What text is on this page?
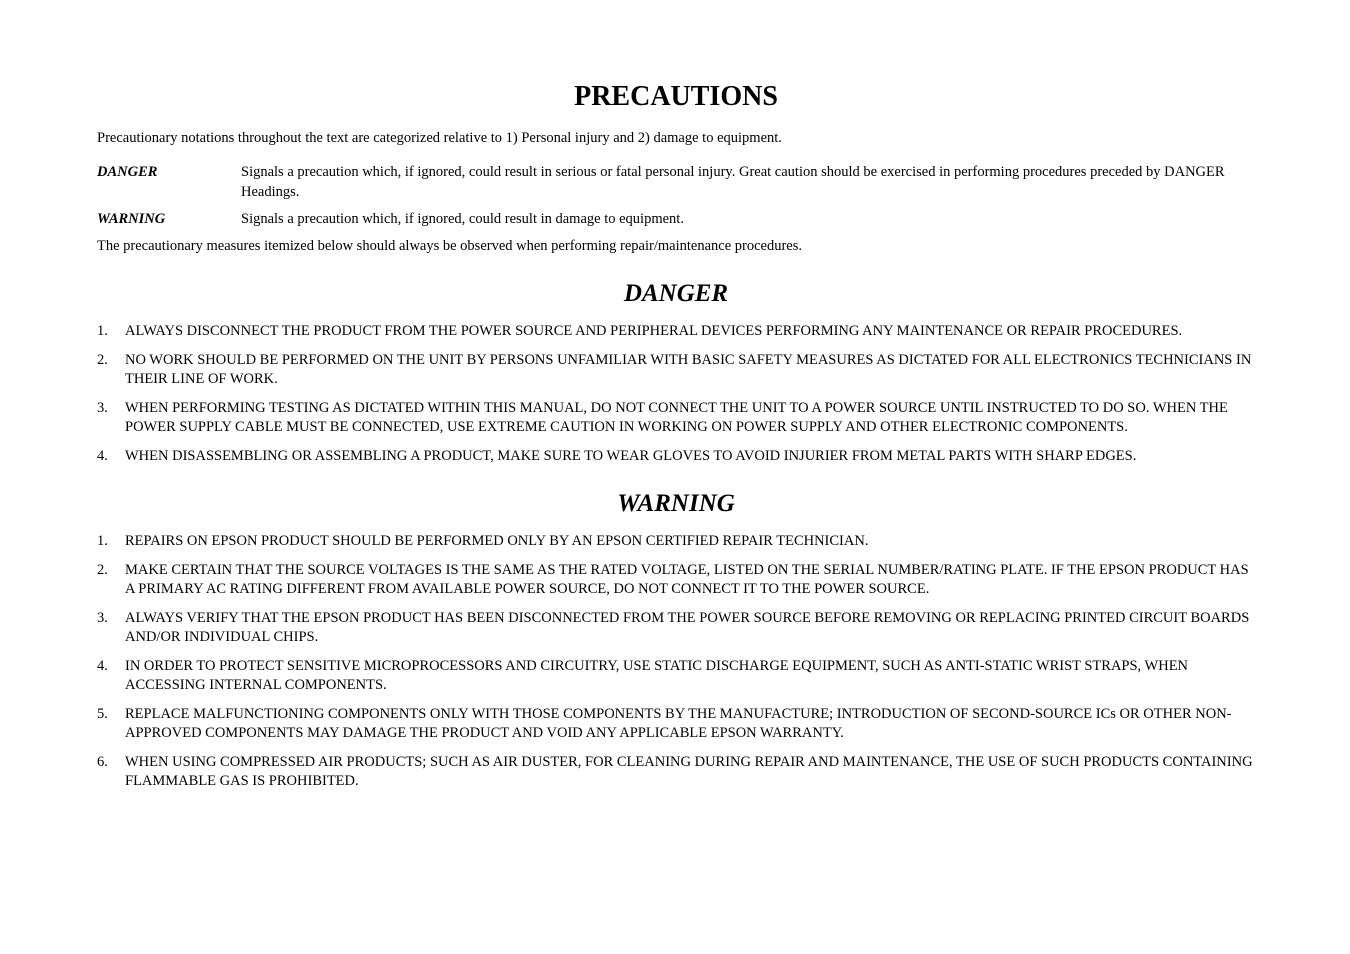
PRECAUTIONS

Precautionary notations throughout the text are categorized relative to 1) Personal injury and 2) damage to equipment.

DANGER	Signals a precaution which, if ignored, could result in serious or fatal personal injury. Great caution should be exercised in performing procedures preceded by DANGER Headings.
WARNING	Signals a precaution which, if ignored, could result in damage to equipment.

The precautionary measures itemized below should always be observed when performing repair/maintenance procedures.

DANGER
1.	ALWAYS DISCONNECT THE PRODUCT FROM THE POWER SOURCE AND PERIPHERAL DEVICES PERFORMING ANY MAINTENANCE OR REPAIR PROCEDURES.
2.	NO WORK SHOULD BE PERFORMED ON THE UNIT BY PERSONS UNFAMILIAR WITH BASIC SAFETY MEASURES AS DICTATED FOR ALL ELECTRONICS TECHNICIANS IN THEIR LINE OF WORK.
3.	WHEN PERFORMING TESTING AS DICTATED WITHIN THIS MANUAL, DO NOT CONNECT THE UNIT TO A POWER SOURCE UNTIL INSTRUCTED TO DO SO. WHEN THE POWER SUPPLY CABLE MUST BE CONNECTED, USE EXTREME CAUTION IN WORKING ON POWER SUPPLY AND OTHER ELECTRONIC COMPONENTS.
4.	WHEN DISASSEMBLING OR ASSEMBLING A PRODUCT, MAKE SURE TO WEAR GLOVES TO AVOID INJURIER FROM METAL PARTS WITH SHARP EDGES.
WARNING
1.	REPAIRS ON EPSON PRODUCT SHOULD BE PERFORMED ONLY BY AN EPSON CERTIFIED REPAIR TECHNICIAN.
2.	MAKE CERTAIN THAT THE SOURCE VOLTAGES IS THE SAME AS THE RATED VOLTAGE, LISTED ON THE SERIAL NUMBER/RATING PLATE. IF THE EPSON PRODUCT HAS A PRIMARY AC RATING DIFFERENT FROM AVAILABLE POWER SOURCE, DO NOT CONNECT IT TO THE POWER SOURCE.
3.	ALWAYS VERIFY THAT THE EPSON PRODUCT HAS BEEN DISCONNECTED FROM THE POWER SOURCE BEFORE REMOVING OR REPLACING PRINTED CIRCUIT BOARDS AND/OR INDIVIDUAL CHIPS.
4.	IN ORDER TO PROTECT SENSITIVE MICROPROCESSORS AND CIRCUITRY, USE STATIC DISCHARGE EQUIPMENT, SUCH AS ANTI-STATIC WRIST STRAPS, WHEN ACCESSING INTERNAL COMPONENTS.
5.	REPLACE MALFUNCTIONING COMPONENTS ONLY WITH THOSE COMPONENTS BY THE MANUFACTURE; INTRODUCTION OF SECOND-SOURCE ICs OR OTHER NON-APPROVED COMPONENTS MAY DAMAGE THE PRODUCT AND VOID ANY APPLICABLE EPSON WARRANTY.
6.	WHEN USING COMPRESSED AIR PRODUCTS; SUCH AS AIR DUSTER, FOR CLEANING DURING REPAIR AND MAINTENANCE, THE USE OF SUCH PRODUCTS CONTAINING FLAMMABLE GAS IS PROHIBITED.
